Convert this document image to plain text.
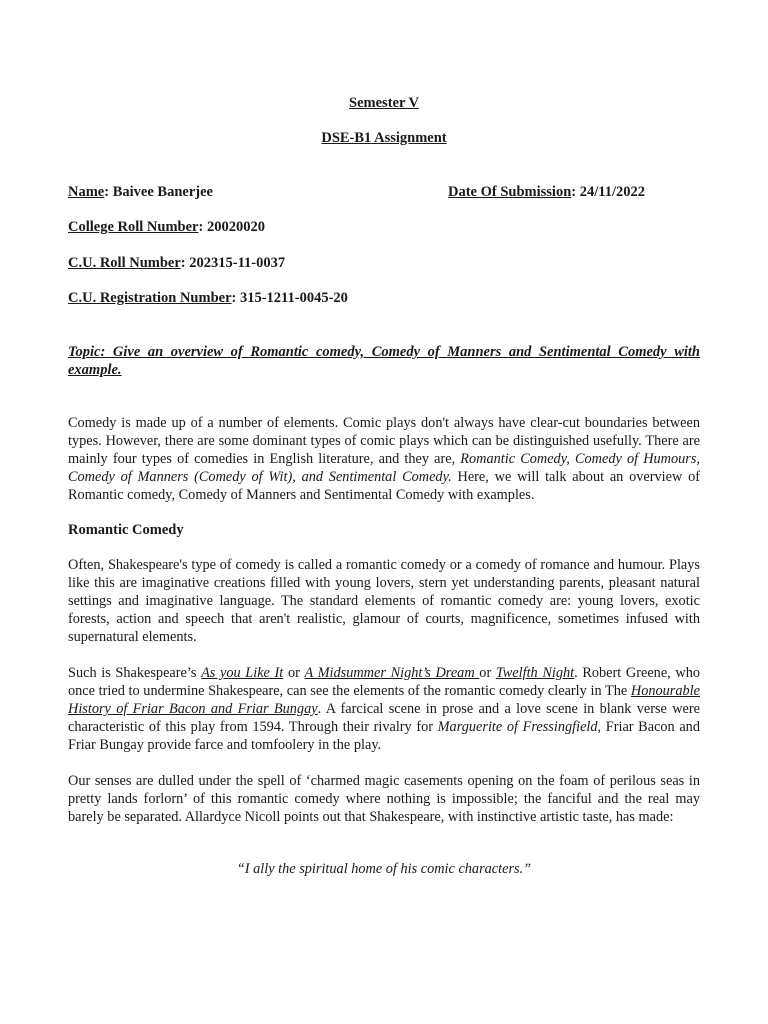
Semester V
DSE-B1 Assignment
Name: Baivee Banerjee	Date Of Submission: 24/11/2022
College Roll Number: 20020020
C.U. Roll Number: 202315-11-0037
C.U. Registration Number: 315-1211-0045-20
Topic: Give an overview of Romantic comedy, Comedy of Manners and Sentimental Comedy with example.
Comedy is made up of a number of elements. Comic plays don't always have clear-cut boundaries between types. However, there are some dominant types of comic plays which can be distinguished usefully. There are mainly four types of comedies in English literature, and they are, Romantic Comedy, Comedy of Humours, Comedy of Manners (Comedy of Wit), and Sentimental Comedy. Here, we will talk about an overview of Romantic comedy, Comedy of Manners and Sentimental Comedy with examples.
Romantic Comedy
Often, Shakespeare's type of comedy is called a romantic comedy or a comedy of romance and humour. Plays like this are imaginative creations filled with young lovers, stern yet understanding parents, pleasant natural settings and imaginative language. The standard elements of romantic comedy are: young lovers, exotic forests, action and speech that aren't realistic, glamour of courts, magnificence, sometimes infused with supernatural elements.
Such is Shakespeare’s As you Like It or A Midsummer Night’s Dream or Twelfth Night. Robert Greene, who once tried to undermine Shakespeare, can see the elements of the romantic comedy clearly in The Honourable History of Friar Bacon and Friar Bungay. A farcical scene in prose and a love scene in blank verse were characteristic of this play from 1594. Through their rivalry for Marguerite of Fressingfield, Friar Bacon and Friar Bungay provide farce and tomfoolery in the play.
Our senses are dulled under the spell of ‘charmed magic casements opening on the foam of perilous seas in pretty lands forlorn’ of this romantic comedy where nothing is impossible; the fanciful and the real may barely be separated. Allardyce Nicoll points out that Shakespeare, with instinctive artistic taste, has made:
“I ally the spiritual home of his comic characters.”
